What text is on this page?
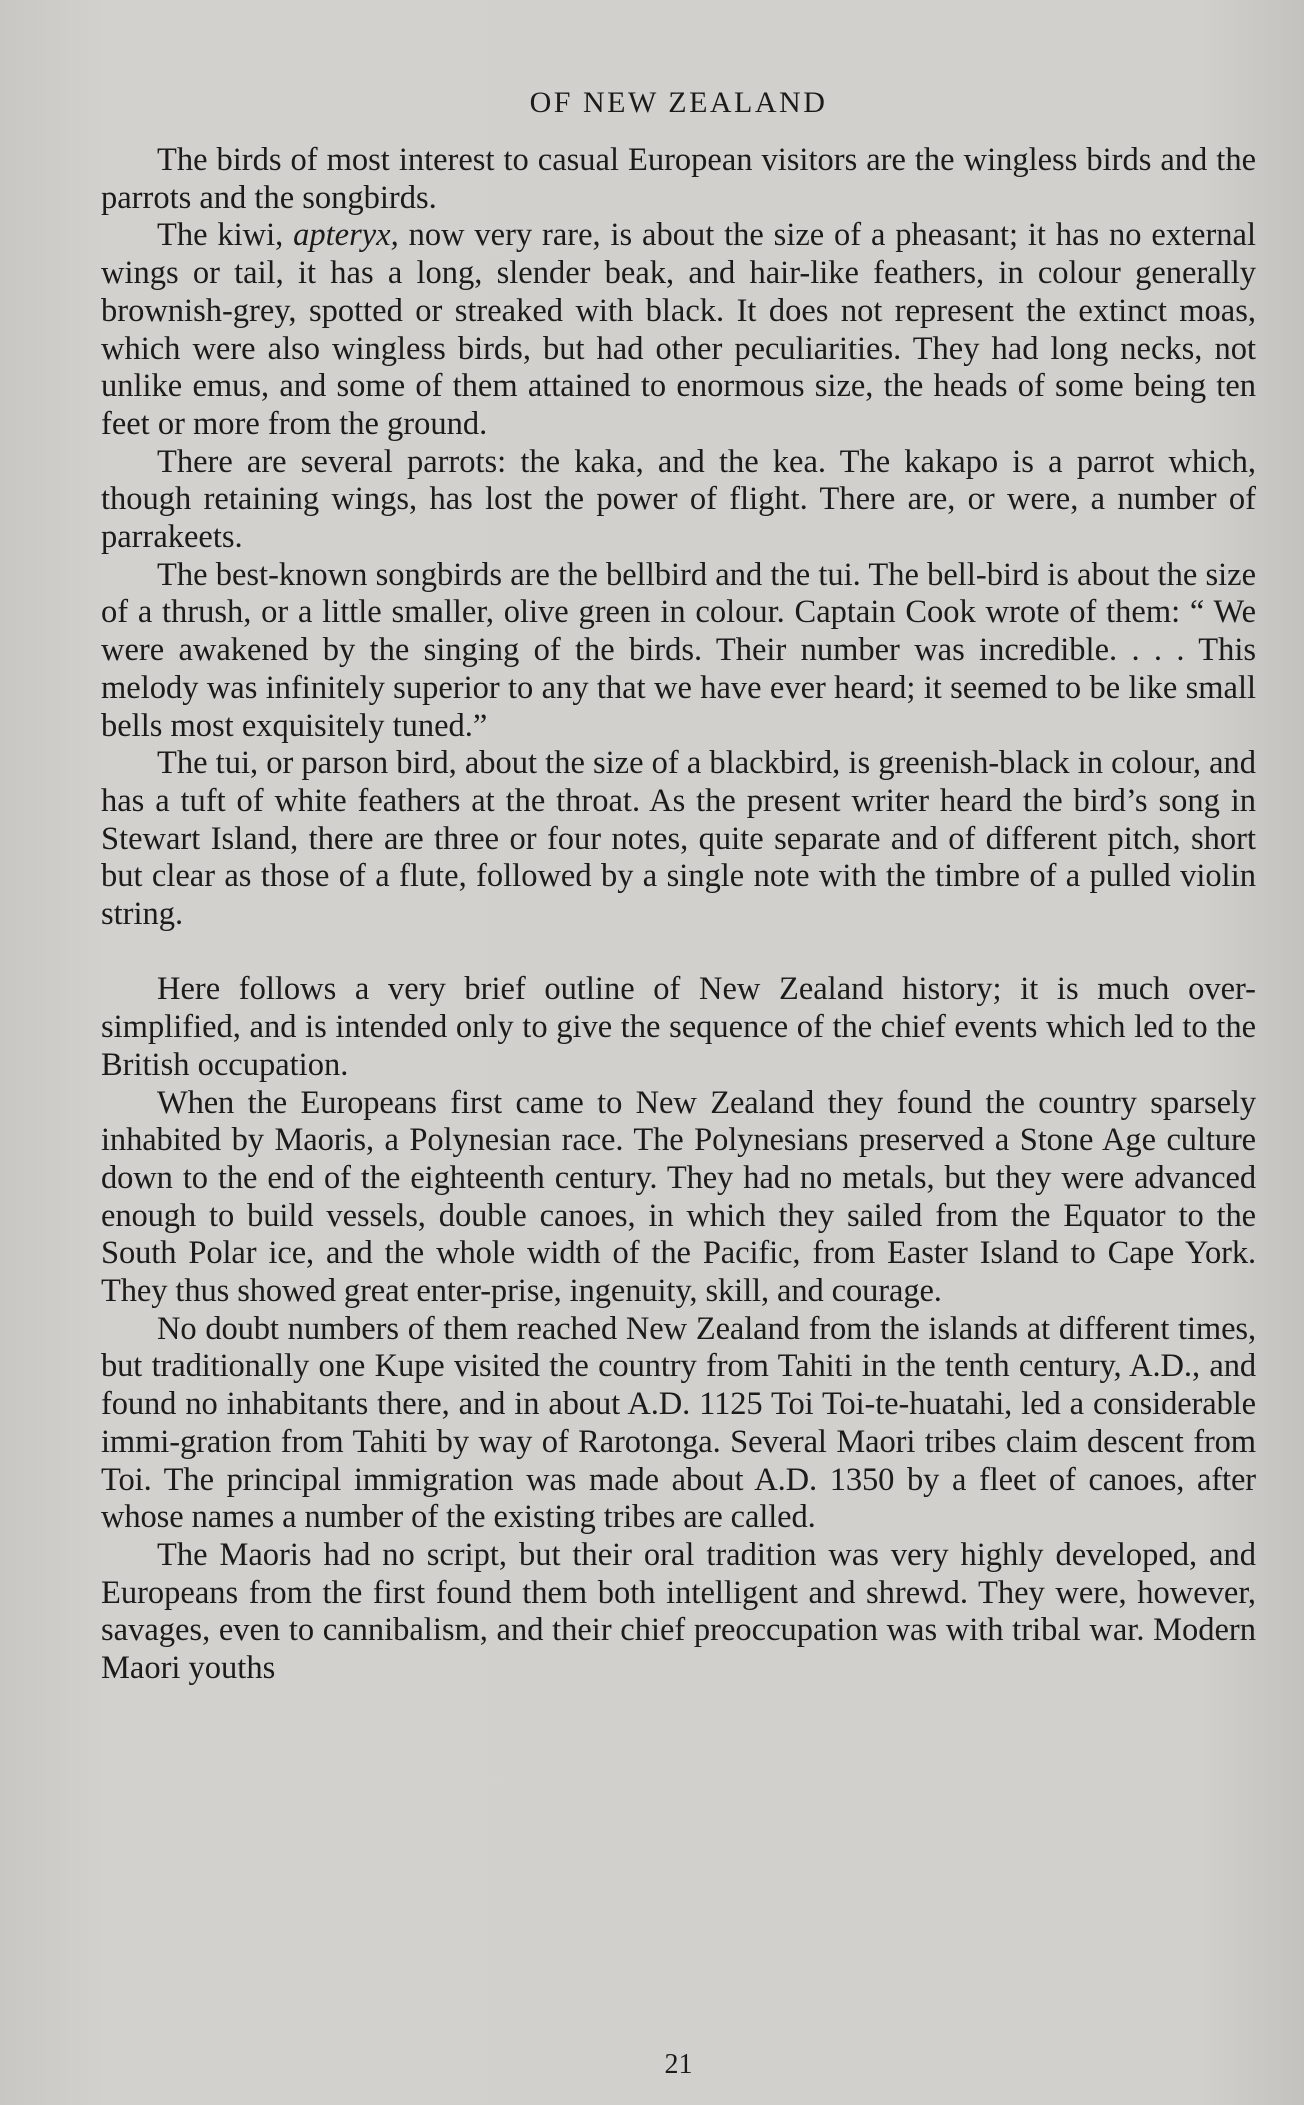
OF NEW ZEALAND

The birds of most interest to casual European visitors are the wingless birds and the parrots and the songbirds.

The kiwi, apteryx, now very rare, is about the size of a pheasant; it has no external wings or tail, it has a long, slender beak, and hair-like feathers, in colour generally brownish-grey, spotted or streaked with black. It does not represent the extinct moas, which were also wingless birds, but had other peculiarities. They had long necks, not unlike emus, and some of them attained to enormous size, the heads of some being ten feet or more from the ground.

There are several parrots: the kaka, and the kea. The kakapo is a parrot which, though retaining wings, has lost the power of flight. There are, or were, a number of parrakeets.

The best-known songbirds are the bellbird and the tui. The bell-bird is about the size of a thrush, or a little smaller, olive green in colour. Captain Cook wrote of them: “ We were awakened by the singing of the birds. Their number was incredible. . . . This melody was infinitely superior to any that we have ever heard; it seemed to be like small bells most exquisitely tuned.”

The tui, or parson bird, about the size of a blackbird, is greenish-black in colour, and has a tuft of white feathers at the throat. As the present writer heard the bird’s song in Stewart Island, there are three or four notes, quite separate and of different pitch, short but clear as those of a flute, followed by a single note with the timbre of a pulled violin string.

Here follows a very brief outline of New Zealand history; it is much over-simplified, and is intended only to give the sequence of the chief events which led to the British occupation.

When the Europeans first came to New Zealand they found the country sparsely inhabited by Maoris, a Polynesian race. The Polynesians preserved a Stone Age culture down to the end of the eighteenth century. They had no metals, but they were advanced enough to build vessels, double canoes, in which they sailed from the Equator to the South Polar ice, and the whole width of the Pacific, from Easter Island to Cape York. They thus showed great enter-prise, ingenuity, skill, and courage.

No doubt numbers of them reached New Zealand from the islands at different times, but traditionally one Kupe visited the country from Tahiti in the tenth century, A.D., and found no inhabitants there, and in about A.D. 1125 Toi Toi-te-huatahi, led a considerable immi-gration from Tahiti by way of Rarotonga. Several Maori tribes claim descent from Toi. The principal immigration was made about A.D. 1350 by a fleet of canoes, after whose names a number of the existing tribes are called.

The Maoris had no script, but their oral tradition was very highly developed, and Europeans from the first found them both intelligent and shrewd. They were, however, savages, even to cannibalism, and their chief preoccupation was with tribal war. Modern Maori youths

21
